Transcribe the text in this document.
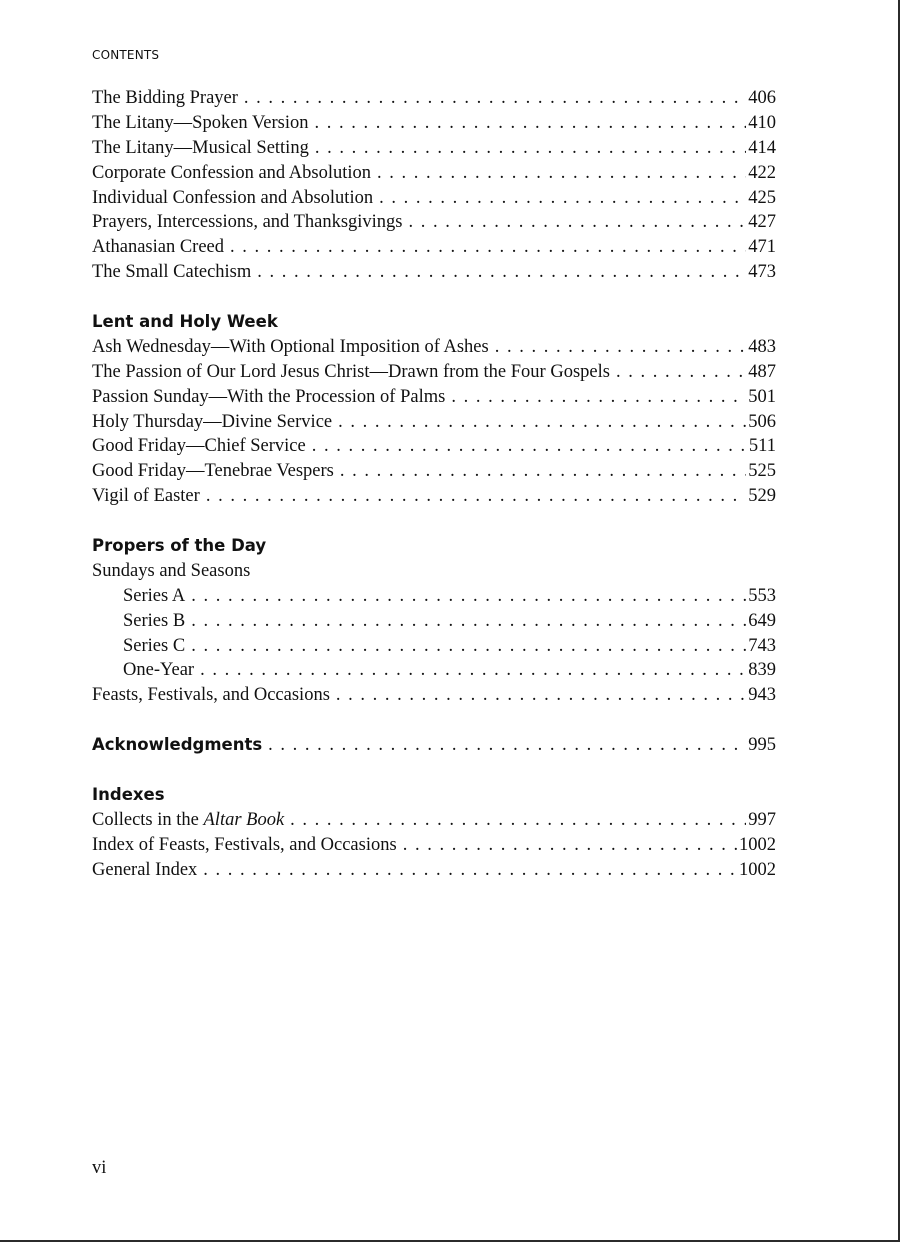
CONTENTS
The Bidding Prayer . . .	406
The Litany—Spoken Version . . .	410
The Litany—Musical Setting . . .	414
Corporate Confession and Absolution . . .	422
Individual Confession and Absolution . . .	425
Prayers, Intercessions, and Thanksgivings . . .	427
Athanasian Creed . . .	471
The Small Catechism . . .	473
Lent and Holy Week
Ash Wednesday—With Optional Imposition of Ashes . . .	483
The Passion of Our Lord Jesus Christ—Drawn from the Four Gospels . . .	487
Passion Sunday—With the Procession of Palms . . .	501
Holy Thursday—Divine Service . . .	506
Good Friday—Chief Service . . .	511
Good Friday—Tenebrae Vespers . . .	525
Vigil of Easter . . .	529
Propers of the Day
Sundays and Seasons
Series A . . .	553
Series B . . .	649
Series C . . .	743
One-Year . . .	839
Feasts, Festivals, and Occasions . . .	943
Acknowledgments . . .	995
Indexes
Collects in the Altar Book . . .	997
Index of Feasts, Festivals, and Occasions . . .	1002
General Index . . .	1002
vi
